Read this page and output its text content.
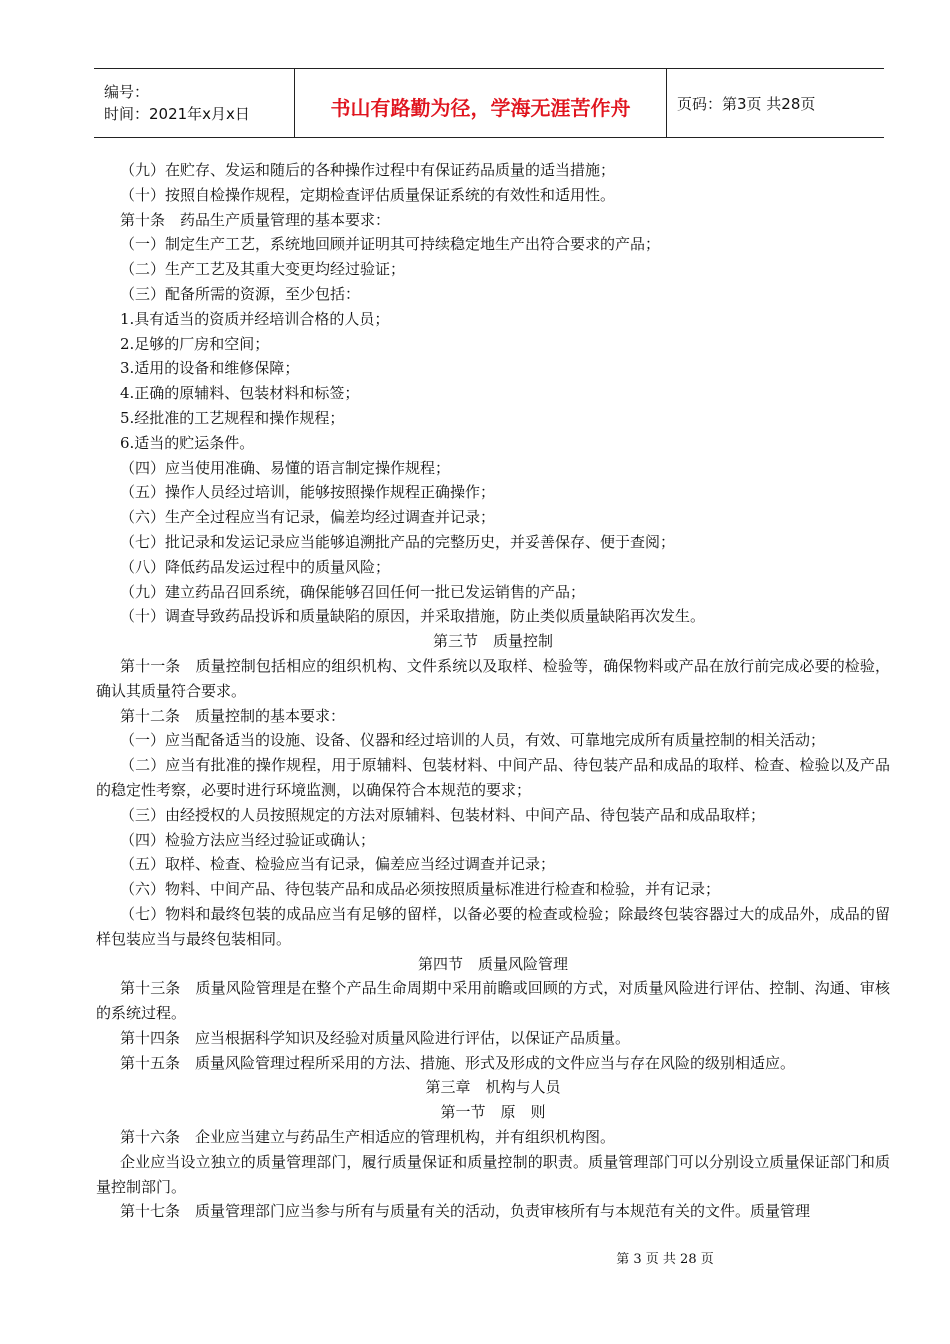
编号：
时间：2021年x月x日	书山有路勤为径，学海无涯苦作舟	页码：第3页 共28页

（九）在贮存、发运和随后的各种操作过程中有保证药品质量的适当措施；

（十）按照自检操作规程，定期检查评估质量保证系统的有效性和适用性。

第十条　药品生产质量管理的基本要求：

（一）制定生产工艺，系统地回顾并证明其可持续稳定地生产出符合要求的产品；

（二）生产工艺及其重大变更均经过验证；

（三）配备所需的资源，至少包括：

1.具有适当的资质并经培训合格的人员；

2.足够的厂房和空间；

3.适用的设备和维修保障；

4.正确的原辅料、包装材料和标签；

5.经批准的工艺规程和操作规程；

6.适当的贮运条件。

（四）应当使用准确、易懂的语言制定操作规程；

（五）操作人员经过培训，能够按照操作规程正确操作；

（六）生产全过程应当有记录，偏差均经过调查并记录；

（七）批记录和发运记录应当能够追溯批产品的完整历史，并妥善保存、便于查阅；

（八）降低药品发运过程中的质量风险；

（九）建立药品召回系统，确保能够召回任何一批已发运销售的产品；

（十）调查导致药品投诉和质量缺陷的原因，并采取措施，防止类似质量缺陷再次发生。

第三节　质量控制

第十一条　质量控制包括相应的组织机构、文件系统以及取样、检验等，确保物料或产品在放行前完成必要的检验，确认其质量符合要求。

第十二条　质量控制的基本要求：

（一）应当配备适当的设施、设备、仪器和经过培训的人员，有效、可靠地完成所有质量控制的相关活动；

（二）应当有批准的操作规程，用于原辅料、包装材料、中间产品、待包装产品和成品的取样、检查、检验以及产品的稳定性考察，必要时进行环境监测，以确保符合本规范的要求；

（三）由经授权的人员按照规定的方法对原辅料、包装材料、中间产品、待包装产品和成品取样；

（四）检验方法应当经过验证或确认；

（五）取样、检查、检验应当有记录，偏差应当经过调查并记录；

（六）物料、中间产品、待包装产品和成品必须按照质量标准进行检查和检验，并有记录；

（七）物料和最终包装的成品应当有足够的留样，以备必要的检查或检验；除最终包装容器过大的成品外，成品的留样包装应当与最终包装相同。

第四节　质量风险管理

第十三条　质量风险管理是在整个产品生命周期中采用前瞻或回顾的方式，对质量风险进行评估、控制、沟通、审核的系统过程。

第十四条　应当根据科学知识及经验对质量风险进行评估，以保证产品质量。

第十五条　质量风险管理过程所采用的方法、措施、形式及形成的文件应当与存在风险的级别相适应。

第三章　机构与人员

第一节　原　则

第十六条　企业应当建立与药品生产相适应的管理机构，并有组织机构图。

企业应当设立独立的质量管理部门，履行质量保证和质量控制的职责。质量管理部门可以分别设立质量保证部门和质量控制部门。

第十七条　质量管理部门应当参与所有与质量有关的活动，负责审核所有与本规范有关的文件。质量管理

第 3 页 共 28 页
